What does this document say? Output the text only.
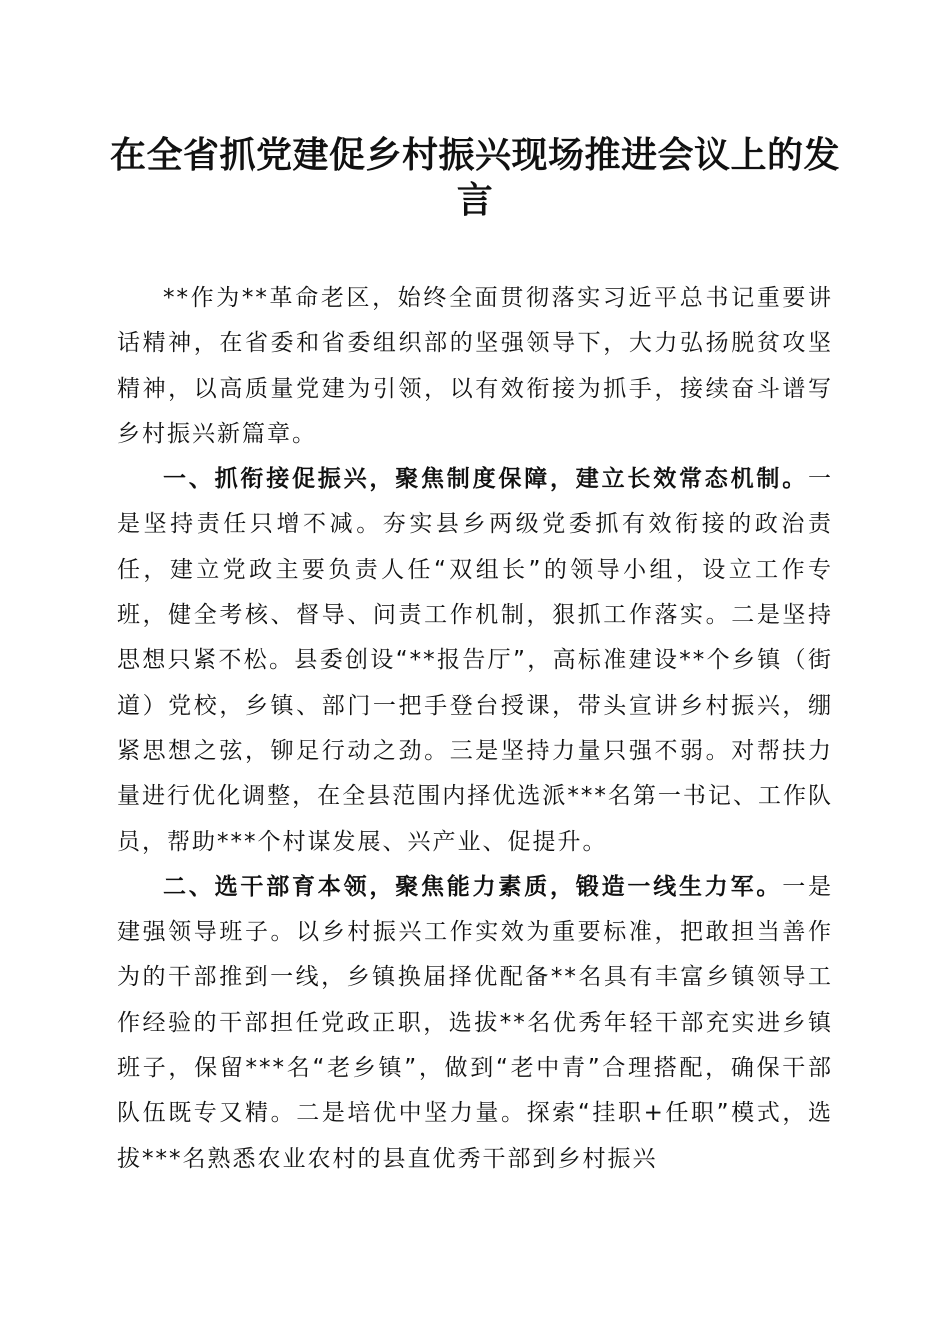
在全省抓党建促乡村振兴现场推进会议上的发言

**作为**革命老区，始终全面贯彻落实习近平总书记重要讲话精神，在省委和省委组织部的坚强领导下，大力弘扬脱贫攻坚精神，以高质量党建为引领，以有效衔接为抓手，接续奋斗谱写乡村振兴新篇章。

一、抓衔接促振兴，聚焦制度保障，建立长效常态机制。一是坚持责任只增不减。夯实县乡两级党委抓有效衔接的政治责任，建立党政主要负责人任“双组长”的领导小组，设立工作专班，健全考核、督导、问责工作机制，狠抓工作落实。二是坚持思想只紧不松。县委创设“**报告厅”，高标准建设**个乡镇（街道）党校，乡镇、部门一把手登台授课，带头宣讲乡村振兴，绷紧思想之弦，铆足行动之劲。三是坚持力量只强不弱。对帮扶力量进行优化调整，在全县范围内择优选派***名第一书记、工作队员，帮助***个村谋发展、兴产业、促提升。

二、选干部育本领，聚焦能力素质，锻造一线生力军。一是建强领导班子。以乡村振兴工作实效为重要标准，把敢担当善作为的干部推到一线，乡镇换届择优配备**名具有丰富乡镇领导工作经验的干部担任党政正职，选拔**名优秀年轻干部充实进乡镇班子，保留***名“老乡镇”，做到“老中青”合理搭配，确保干部队伍既专又精。二是培优中坚力量。探索“挂职+任职”模式，选拔***名熟悉农业农村的县直优秀干部到乡村振兴
